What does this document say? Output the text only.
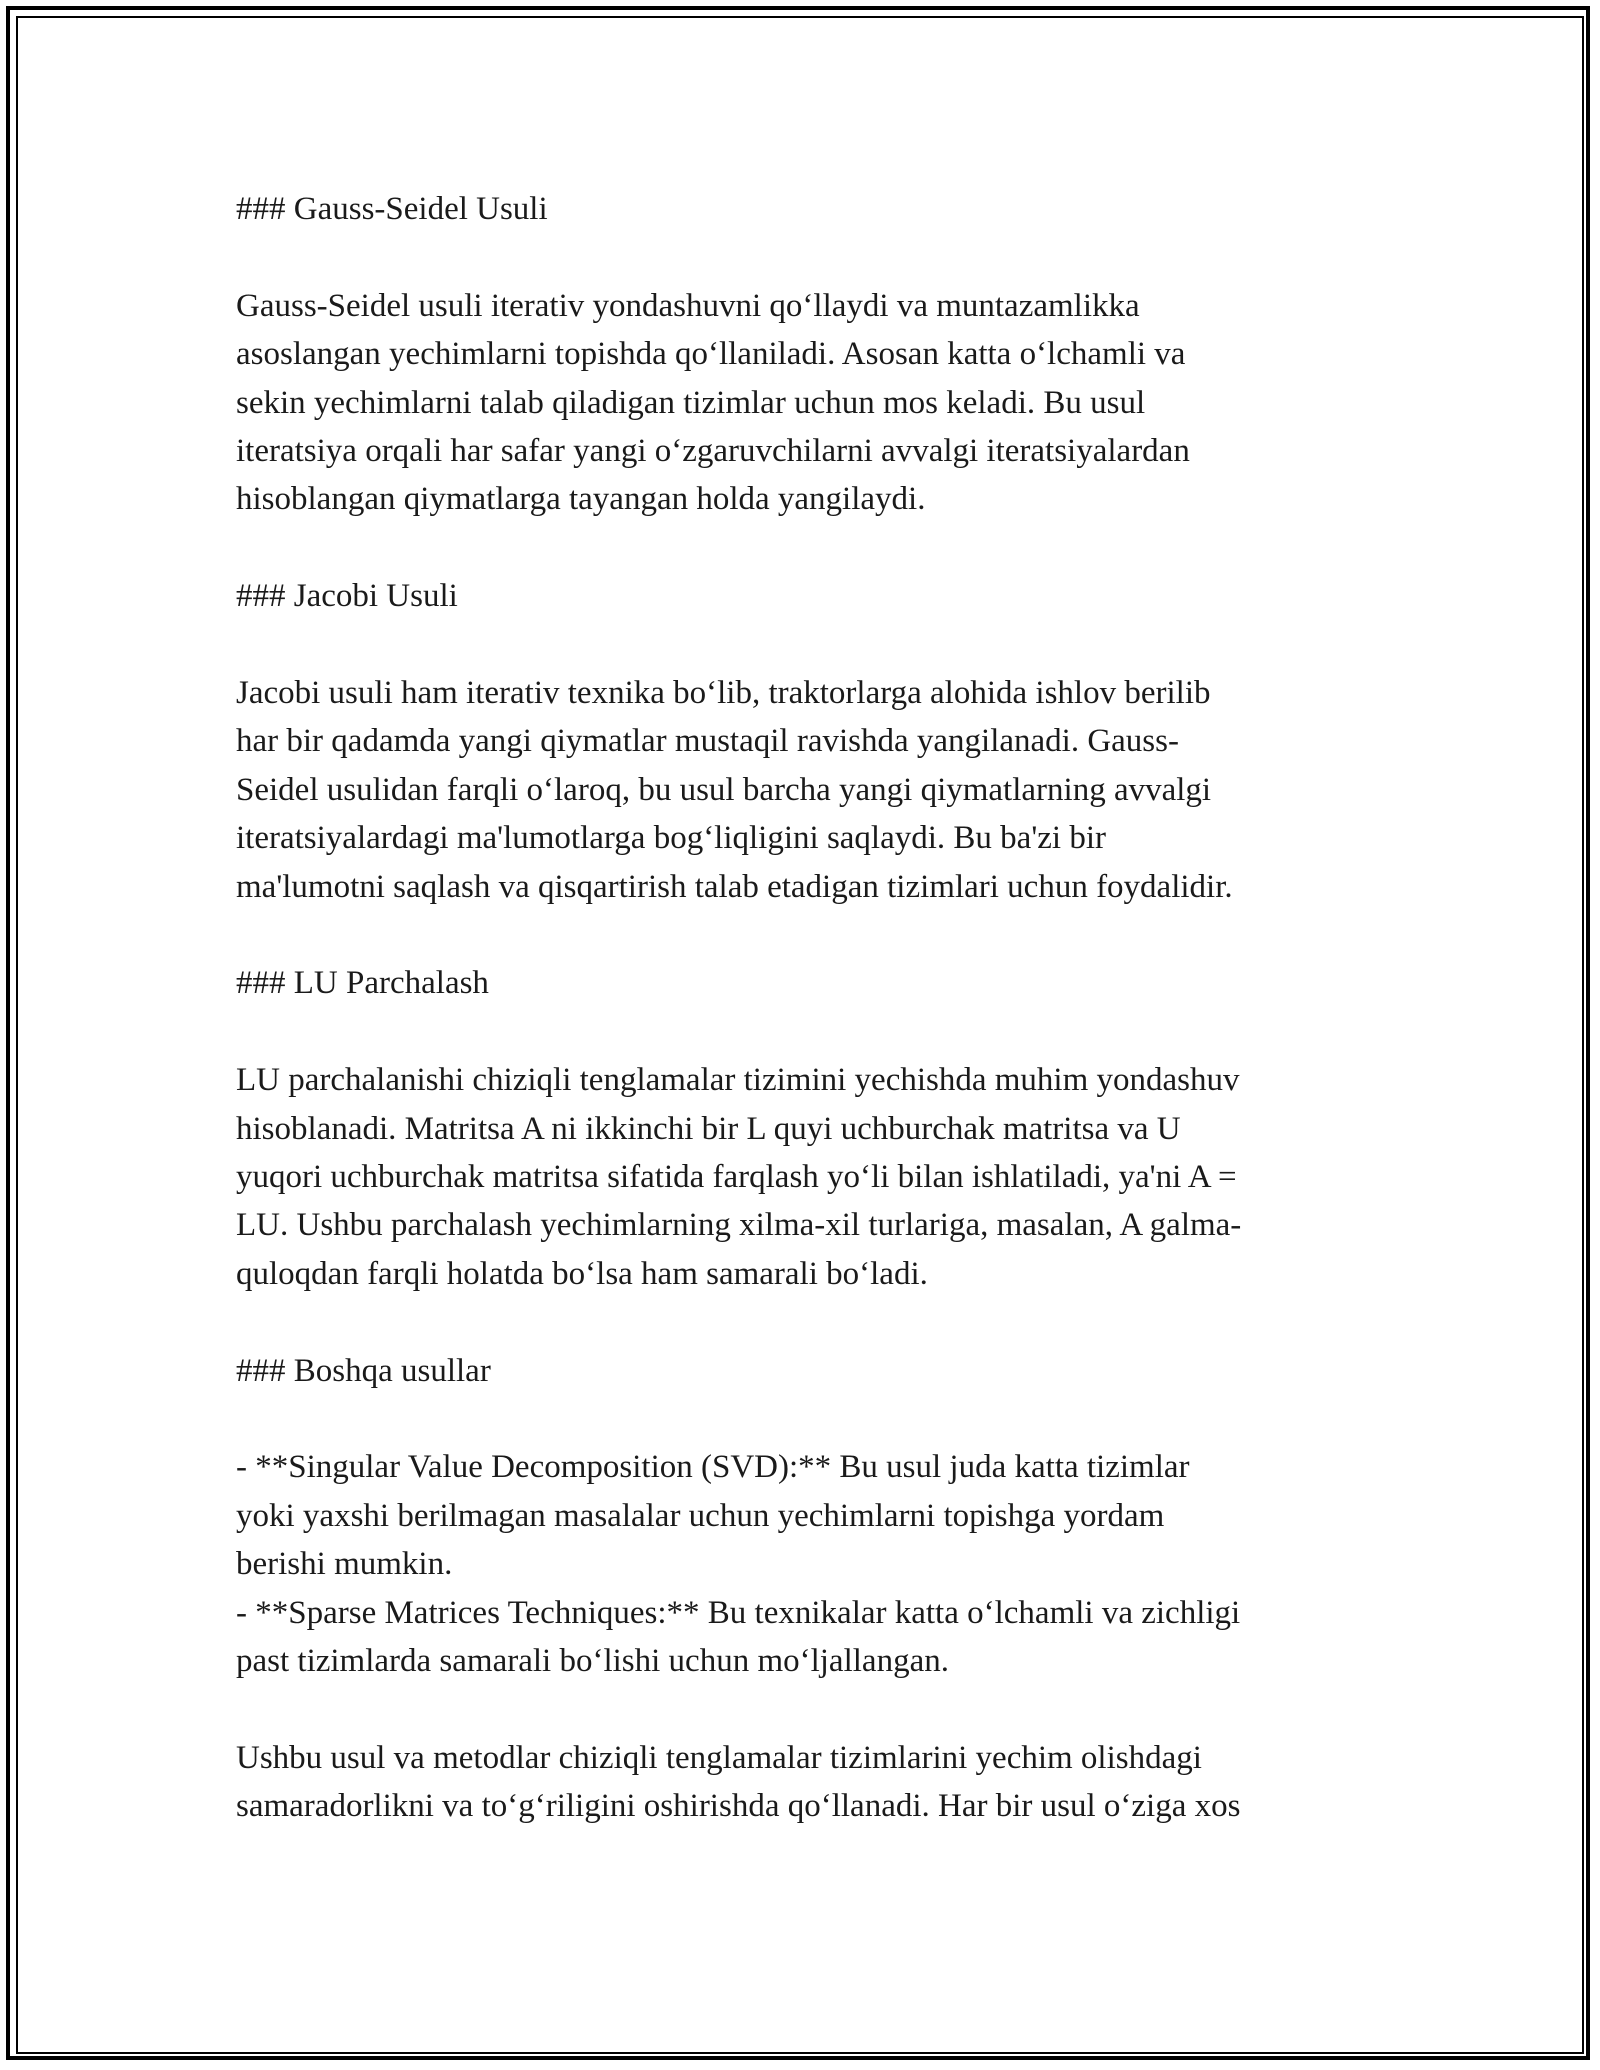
### Gauss-Seidel Usuli

Gauss-Seidel usuli iterativ yondashuvni qo‘llaydi va muntazamlikka
asoslangan yechimlarni topishda qo‘llaniladi. Asosan katta o‘lchamli va
sekin yechimlarni talab qiladigan tizimlar uchun mos keladi. Bu usul
iteratsiya orqali har safar yangi o‘zgaruvchilarni avvalgi iteratsiyalardan
hisoblangan qiymatlarga tayangan holda yangilaydi.

### Jacobi Usuli

Jacobi usuli ham iterativ texnika bo‘lib, traktorlarga alohida ishlov berilib
har bir qadamda yangi qiymatlar mustaqil ravishda yangilanadi. Gauss-
Seidel usulidan farqli o‘laroq, bu usul barcha yangi qiymatlarning avvalgi
iteratsiyalardagi ma'lumotlarga bog‘liqligini saqlaydi. Bu ba'zi bir
ma'lumotni saqlash va qisqartirish talab etadigan tizimlari uchun foydalidir.

### LU Parchalash

LU parchalanishi chiziqli tenglamalar tizimini yechishda muhim yondashuv
hisoblanadi. Matritsa A ni ikkinchi bir L quyi uchburchak matritsa va U
yuqori uchburchak matritsa sifatida farqlash yo‘li bilan ishlatiladi, ya'ni A =
LU. Ushbu parchalash yechimlarning xilma-xil turlariga, masalan, A galma-
quloqdan farqli holatda bo‘lsa ham samarali bo‘ladi.

### Boshqa usullar

- **Singular Value Decomposition (SVD):** Bu usul juda katta tizimlar
yoki yaxshi berilmagan masalalar uchun yechimlarni topishga yordam
berishi mumkin.
- **Sparse Matrices Techniques:** Bu texnikalar katta o‘lchamli va zichligi
past tizimlarda samarali bo‘lishi uchun mo‘ljallangan.

Ushbu usul va metodlar chiziqli tenglamalar tizimlarini yechim olishdagi
samaradorlikni va to‘g‘riligini oshirishda qo‘llanadi. Har bir usul o‘ziga xos
